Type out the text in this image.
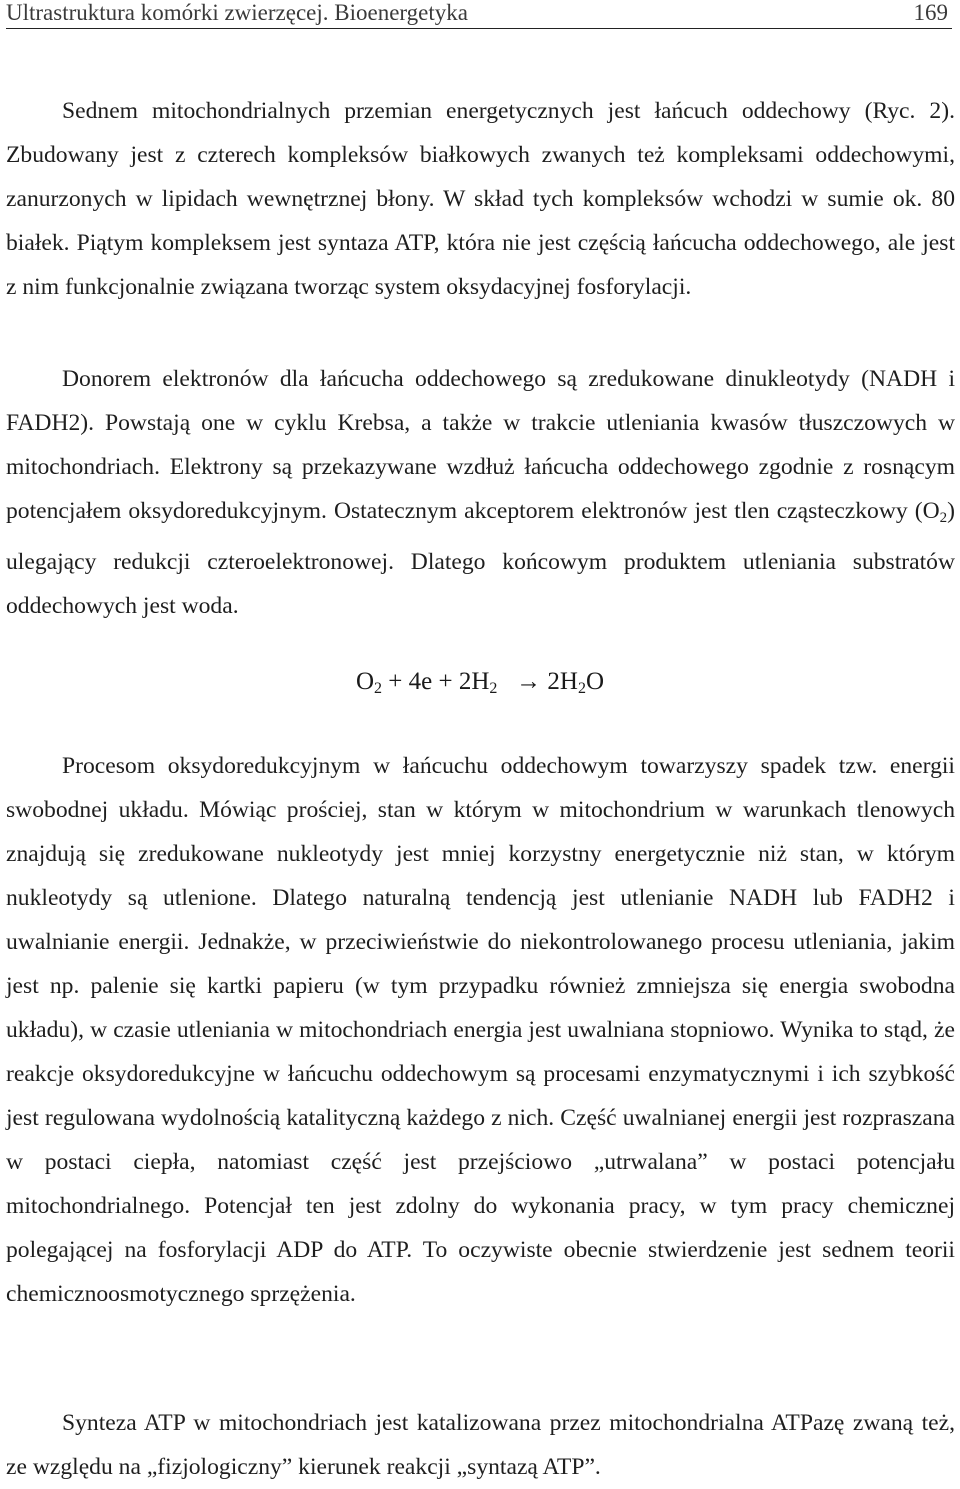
Ultrastruktura komórki zwierzęcej. Bioenergetyka	169

Sednem mitochondrialnych przemian energetycznych jest łańcuch oddechowy (Ryc. 2). Zbudowany jest z czterech kompleksów białkowych zwanych też kompleksami oddechowymi, zanurzonych w lipidach wewnętrznej błony. W skład tych kompleksów wchodzi w sumie ok. 80 białek. Piątym kompleksem jest syntaza ATP, która nie jest częścią łańcucha oddechowego, ale jest z nim funkcjonalnie związana tworząc system oksydacyjnej fosforylacji.

Donorem elektronów dla łańcucha oddechowego są zredukowane dinukleotydy (NADH i FADH2). Powstają one w cyklu Krebsa, a także w trakcie utleniania kwasów tłuszczowych w mitochondriach. Elektrony są przekazywane wzdłuż łańcucha oddechowego zgodnie z rosnącym potencjałem oksydoredukcyjnym. Ostatecznym akceptorem elektronów jest tlen cząsteczkowy $(O_2)$ ulegający redukcji czteroelektronowej. Dlatego końcowym produktem utleniania substratów oddechowych jest woda.

$O_2 + 4e + 2H_2 \to 2H_2O$

Procesom oksydoredukcyjnym w łańcuchu oddechowym towarzyszy spadek tzw. energii swobodnej układu. Mówiąc prościej, stan w którym w mitochondrium w warunkach tlenowych znajdują się zredukowane nukleotydy jest mniej korzystny energetycznie niż stan, w którym nukleotydy są utlenione. Dlatego naturalną tendencją jest utlenianie NADH lub FADH2 i uwalnianie energii. Jednakże, w przeciwieństwie do niekontrolowanego procesu utleniania, jakim jest np. palenie się kartki papieru (w tym przypadku również zmniejsza się energia swobodna układu), w czasie utleniania w mitochondriach energia jest uwalniana stopniowo. Wynika to stąd, że reakcje oksydoredukcyjne w łańcuchu oddechowym są procesami enzymatycznymi i ich szybkość jest regulowana wydolnością katalityczną każdego z nich. Część uwalnianej energii jest rozpraszana w postaci ciepła, natomiast część jest przejściowo „utrwalana” w postaci potencjału mitochondrialnego. Potencjał ten jest zdolny do wykonania pracy, w tym pracy chemicznej polegającej na fosforylacji ADP do ATP. To oczywiste obecnie stwierdzenie jest sednem teorii chemicznoosmotycznego sprzężenia.

Synteza ATP w mitochondriach jest katalizowana przez mitochondrialna ATPazę zwaną też, ze względu na „fizjologiczny” kierunek reakcji „syntazą ATP”.
